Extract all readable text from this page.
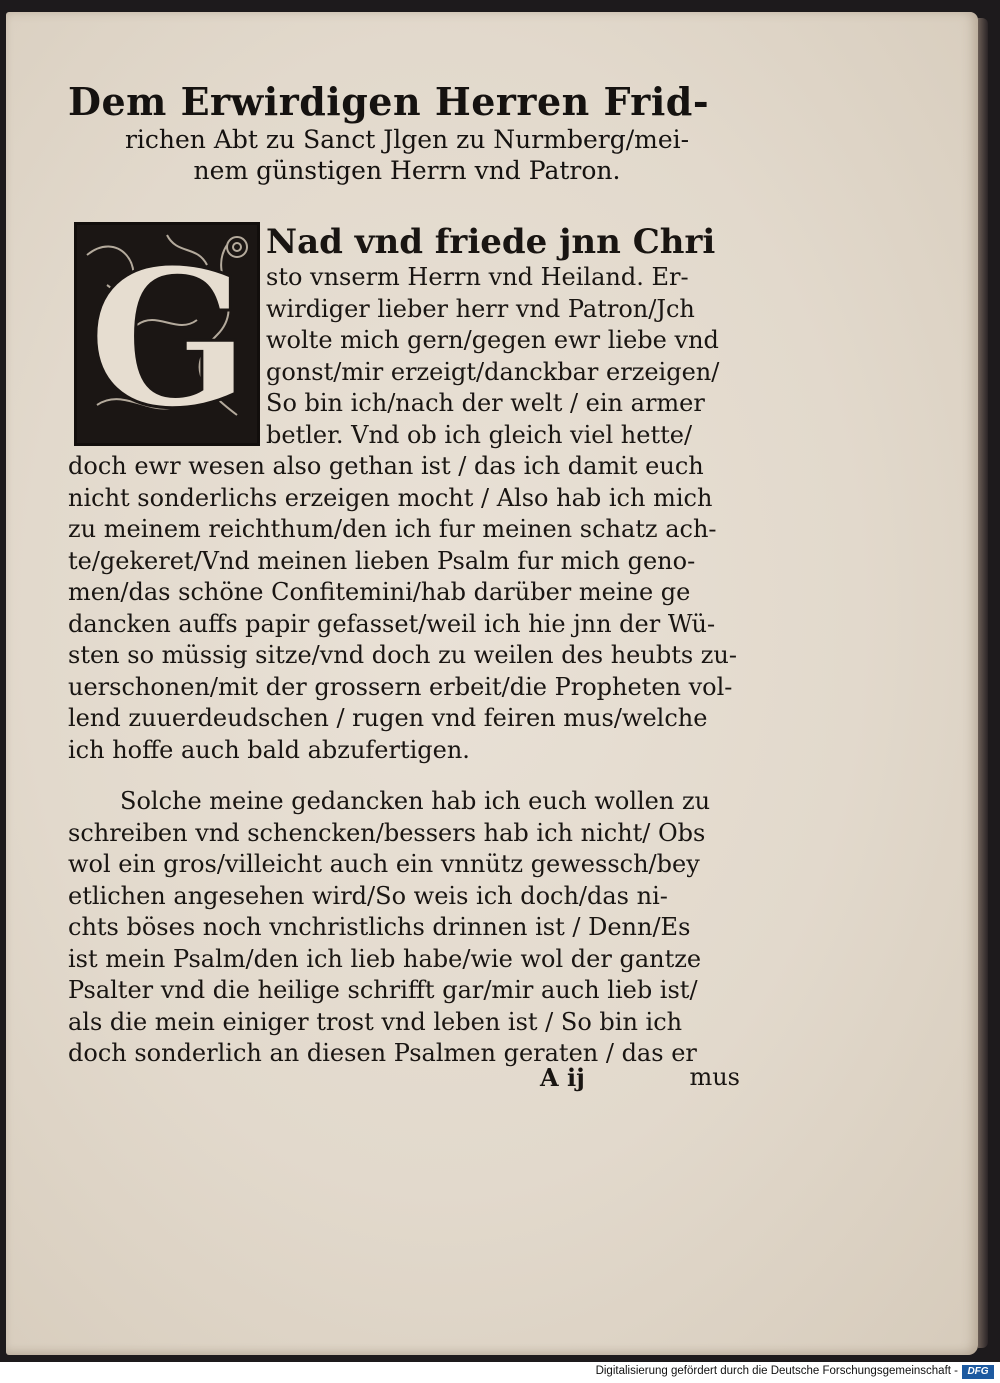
Dem Erwirdigen Herren Frid-
richen Abt zu Sanct Jlgen zu Nurmberg/mei-
nem günstigen Herrn vnd Patron.
G Nad vnd friede jnn Chri
sto vnserm Herrn vnd Heiland. Er-
wirdiger lieber herr vnd Patron/Jch
wolte mich gern/gegen ewr liebe vnd
gonst/mir erzeigt/danckbar erzeigen/
So bin ich/nach der welt / ein armer
betler. Vnd ob ich gleich viel hette/
doch ewr wesen also gethan ist / das ich damit euch
nicht sonderlichs erzeigen mocht / Also hab ich mich
zu meinem reichthum/den ich fur meinen schatz ach-
te/gekeret/Vnd meinen lieben Psalm fur mich geno-
men/das schöne Confitemini/hab darüber meine ge
dancken auffs papir gefasset/weil ich hie jnn der Wü-
sten so müssig sitze/vnd doch zu weilen des heubts zu-
uerschonen/mit der grossern erbeit/die Propheten vol-
lend zuuerdeudschen / rugen vnd feiren mus/welche
ich hoffe auch bald abzufertigen.
Solche meine gedancken hab ich euch wollen zu
schreiben vnd schencken/bessers hab ich nicht/ Obs
wol ein gros/villeicht auch ein vnnütz gewessch/bey
etlichen angesehen wird/So weis ich doch/das ni-
chts böses noch vnchristlichs drinnen ist / Denn/Es
ist mein Psalm/den ich lieb habe/wie wol der gantze
Psalter vnd die heilige schrifft gar/mir auch lieb ist/
als die mein einiger trost vnd leben ist / So bin ich
doch sonderlich an diesen Psalmen geraten / das er
A ij	mus
Digitalisierung gefördert durch die Deutsche Forschungsgemeinschaft - DFG
